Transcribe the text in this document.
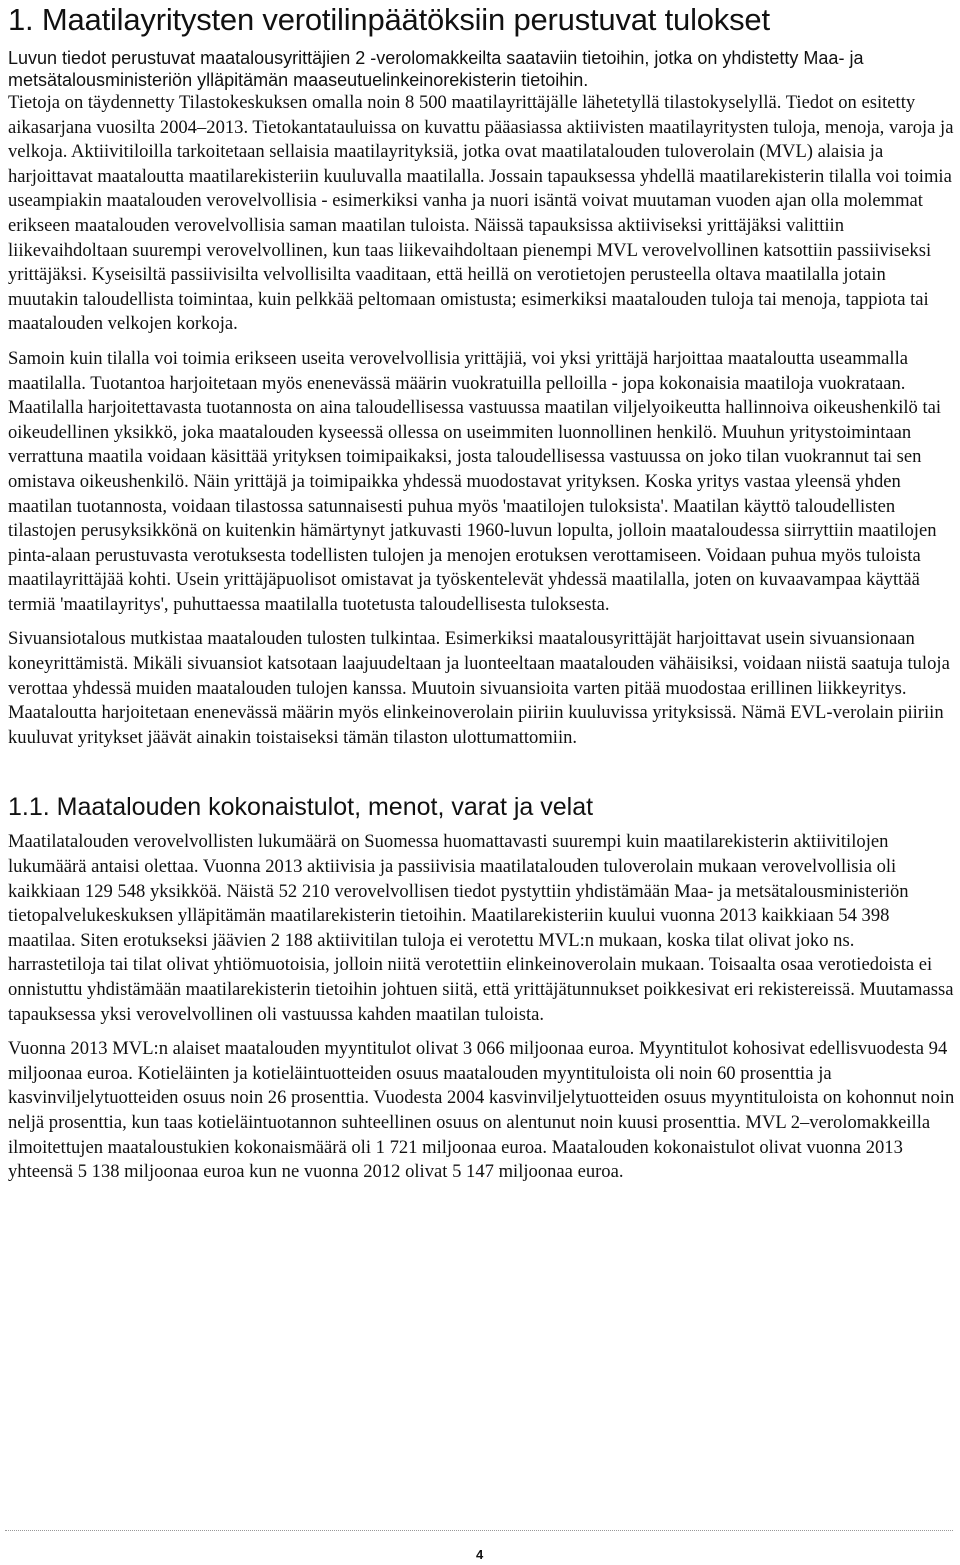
1. Maatilayritysten verotilinpäätöksiin perustuvat tulokset

Luvun tiedot perustuvat maatalousyrittäjien 2 -verolomakkeilta saataviin tietoihin, jotka on yhdistetty Maa- ja metsätalousministeriön ylläpitämän maaseutuelinkeinorekisterin tietoihin.

Tietoja on täydennetty Tilastokeskuksen omalla noin 8 500 maatilayrittäjälle lähetetyllä tilastokyselyllä. Tiedot on esitetty aikasarjana vuosilta 2004–2013. Tietokantatauluissa on kuvattu pääasiassa aktiivisten maatilayritysten tuloja, menoja, varoja ja velkoja. Aktiivitiloilla tarkoitetaan sellaisia maatilayrityksiä, jotka ovat maatilatalouden tuloverolain (MVL) alaisia ja harjoittavat maataloutta maatilarekisteriin kuuluvalla maatilalla. Jossain tapauksessa yhdellä maatilarekisterin tilalla voi toimia useampiakin maatalouden verovelvollisia - esimerkiksi vanha ja nuori isäntä voivat muutaman vuoden ajan olla molemmat erikseen maatalouden verovelvollisia saman maatilan tuloista. Näissä tapauksissa aktiiviseksi yrittäjäksi valittiin liikevaihdoltaan suurempi verovelvollinen, kun taas liikevaihdoltaan pienempi MVL verovelvollinen katsottiin passiiviseksi yrittäjäksi. Kyseisiltä passiivisilta velvollisilta vaaditaan, että heillä on verotietojen perusteella oltava maatilalla jotain muutakin taloudellista toimintaa, kuin pelkkää peltomaan omistusta; esimerkiksi maatalouden tuloja tai menoja, tappiota tai maatalouden velkojen korkoja.

Samoin kuin tilalla voi toimia erikseen useita verovelvollisia yrittäjiä, voi yksi yrittäjä harjoittaa maataloutta useammalla maatilalla. Tuotantoa harjoitetaan myös enenevässä määrin vuokratuilla pelloilla - jopa kokonaisia maatiloja vuokrataan. Maatilalla harjoitettavasta tuotannosta on aina taloudellisessa vastuussa maatilan viljelyoikeutta hallinnoiva oikeushenkilö tai oikeudellinen yksikkö, joka maatalouden kyseessä ollessa on useimmiten luonnollinen henkilö. Muuhun yritystoimintaan verrattuna maatila voidaan käsittää yrityksen toimipaikaksi, josta taloudellisessa vastuussa on joko tilan vuokrannut tai sen omistava oikeushenkilö. Näin yrittäjä ja toimipaikka yhdessä muodostavat yrityksen. Koska yritys vastaa yleensä yhden maatilan tuotannosta, voidaan tilastossa satunnaisesti puhua myös 'maatilojen tuloksista'. Maatilan käyttö taloudellisten tilastojen perusyksikkönä on kuitenkin hämärtynyt jatkuvasti 1960-luvun lopulta, jolloin maataloudessa siirryttiin maatilojen pinta-alaan perustuvasta verotuksesta todellisten tulojen ja menojen erotuksen verottamiseen. Voidaan puhua myös tuloista maatilayrittäjää kohti. Usein yrittäjäpuolisot omistavat ja työskentelevät yhdessä maatilalla, joten on kuvaavampaa käyttää termiä 'maatilayritys', puhuttaessa maatilalla tuotetusta taloudellisesta tuloksesta.

Sivuansiotalous mutkistaa maatalouden tulosten tulkintaa. Esimerkiksi maatalousyrittäjät harjoittavat usein sivuansionaan koneyrittämistä. Mikäli sivuansiot katsotaan laajuudeltaan ja luonteeltaan maatalouden vähäisiksi, voidaan niistä saatuja tuloja verottaa yhdessä muiden maatalouden tulojen kanssa. Muutoin sivuansioita varten pitää muodostaa erillinen liikkeyritys. Maataloutta harjoitetaan enenevässä määrin myös elinkeinoverolain piiriin kuuluvissa yrityksissä. Nämä EVL-verolain piiriin kuuluvat yritykset jäävät ainakin toistaiseksi tämän tilaston ulottumattomiin.

1.1. Maatalouden kokonaistulot, menot, varat ja velat

Maatilatalouden verovelvollisten lukumäärä on Suomessa huomattavasti suurempi kuin maatilarekisterin aktiivitilojen lukumäärä antaisi olettaa. Vuonna 2013 aktiivisia ja passiivisia maatilatalouden tuloverolain mukaan verovelvollisia oli kaikkiaan 129 548 yksikköä. Näistä 52 210 verovelvollisen tiedot pystyttiin yhdistämään Maa- ja metsätalousministeriön tietopalvelukeskuksen ylläpitämän maatilarekisterin tietoihin. Maatilarekisteriin kuului vuonna 2013 kaikkiaan 54 398 maatilaa. Siten erotukseksi jäävien 2 188 aktiivitilan tuloja ei verotettu MVL:n mukaan, koska tilat olivat joko ns. harrastetiloja tai tilat olivat yhtiömuotoisia, jolloin niitä verotettiin elinkeinoverolain mukaan. Toisaalta osaa verotiedoista ei onnistuttu yhdistämään maatilarekisterin tietoihin johtuen siitä, että yrittäjätunnukset poikkesivat eri rekistereissä. Muutamassa tapauksessa yksi verovelvollinen oli vastuussa kahden maatilan tuloista.

Vuonna 2013 MVL:n alaiset maatalouden myyntitulot olivat 3 066 miljoonaa euroa. Myyntitulot kohosivat edellisvuodesta 94 miljoonaa euroa. Kotieläinten ja kotieläintuotteiden osuus maatalouden myyntituloista oli noin 60 prosenttia ja kasvinviljelytuotteiden osuus noin 26 prosenttia. Vuodesta 2004 kasvinviljelytuotteiden osuus myyntituloista on kohonnut noin neljä prosenttia, kun taas kotieläintuotannon suhteellinen osuus on alentunut noin kuusi prosenttia. MVL 2–verolomakkeilla ilmoitettujen maataloustukien kokonaismäärä oli 1 721 miljoonaa euroa. Maatalouden kokonaistulot olivat vuonna 2013 yhteensä 5 138 miljoonaa euroa kun ne vuonna 2012 olivat 5 147 miljoonaa euroa.

4
